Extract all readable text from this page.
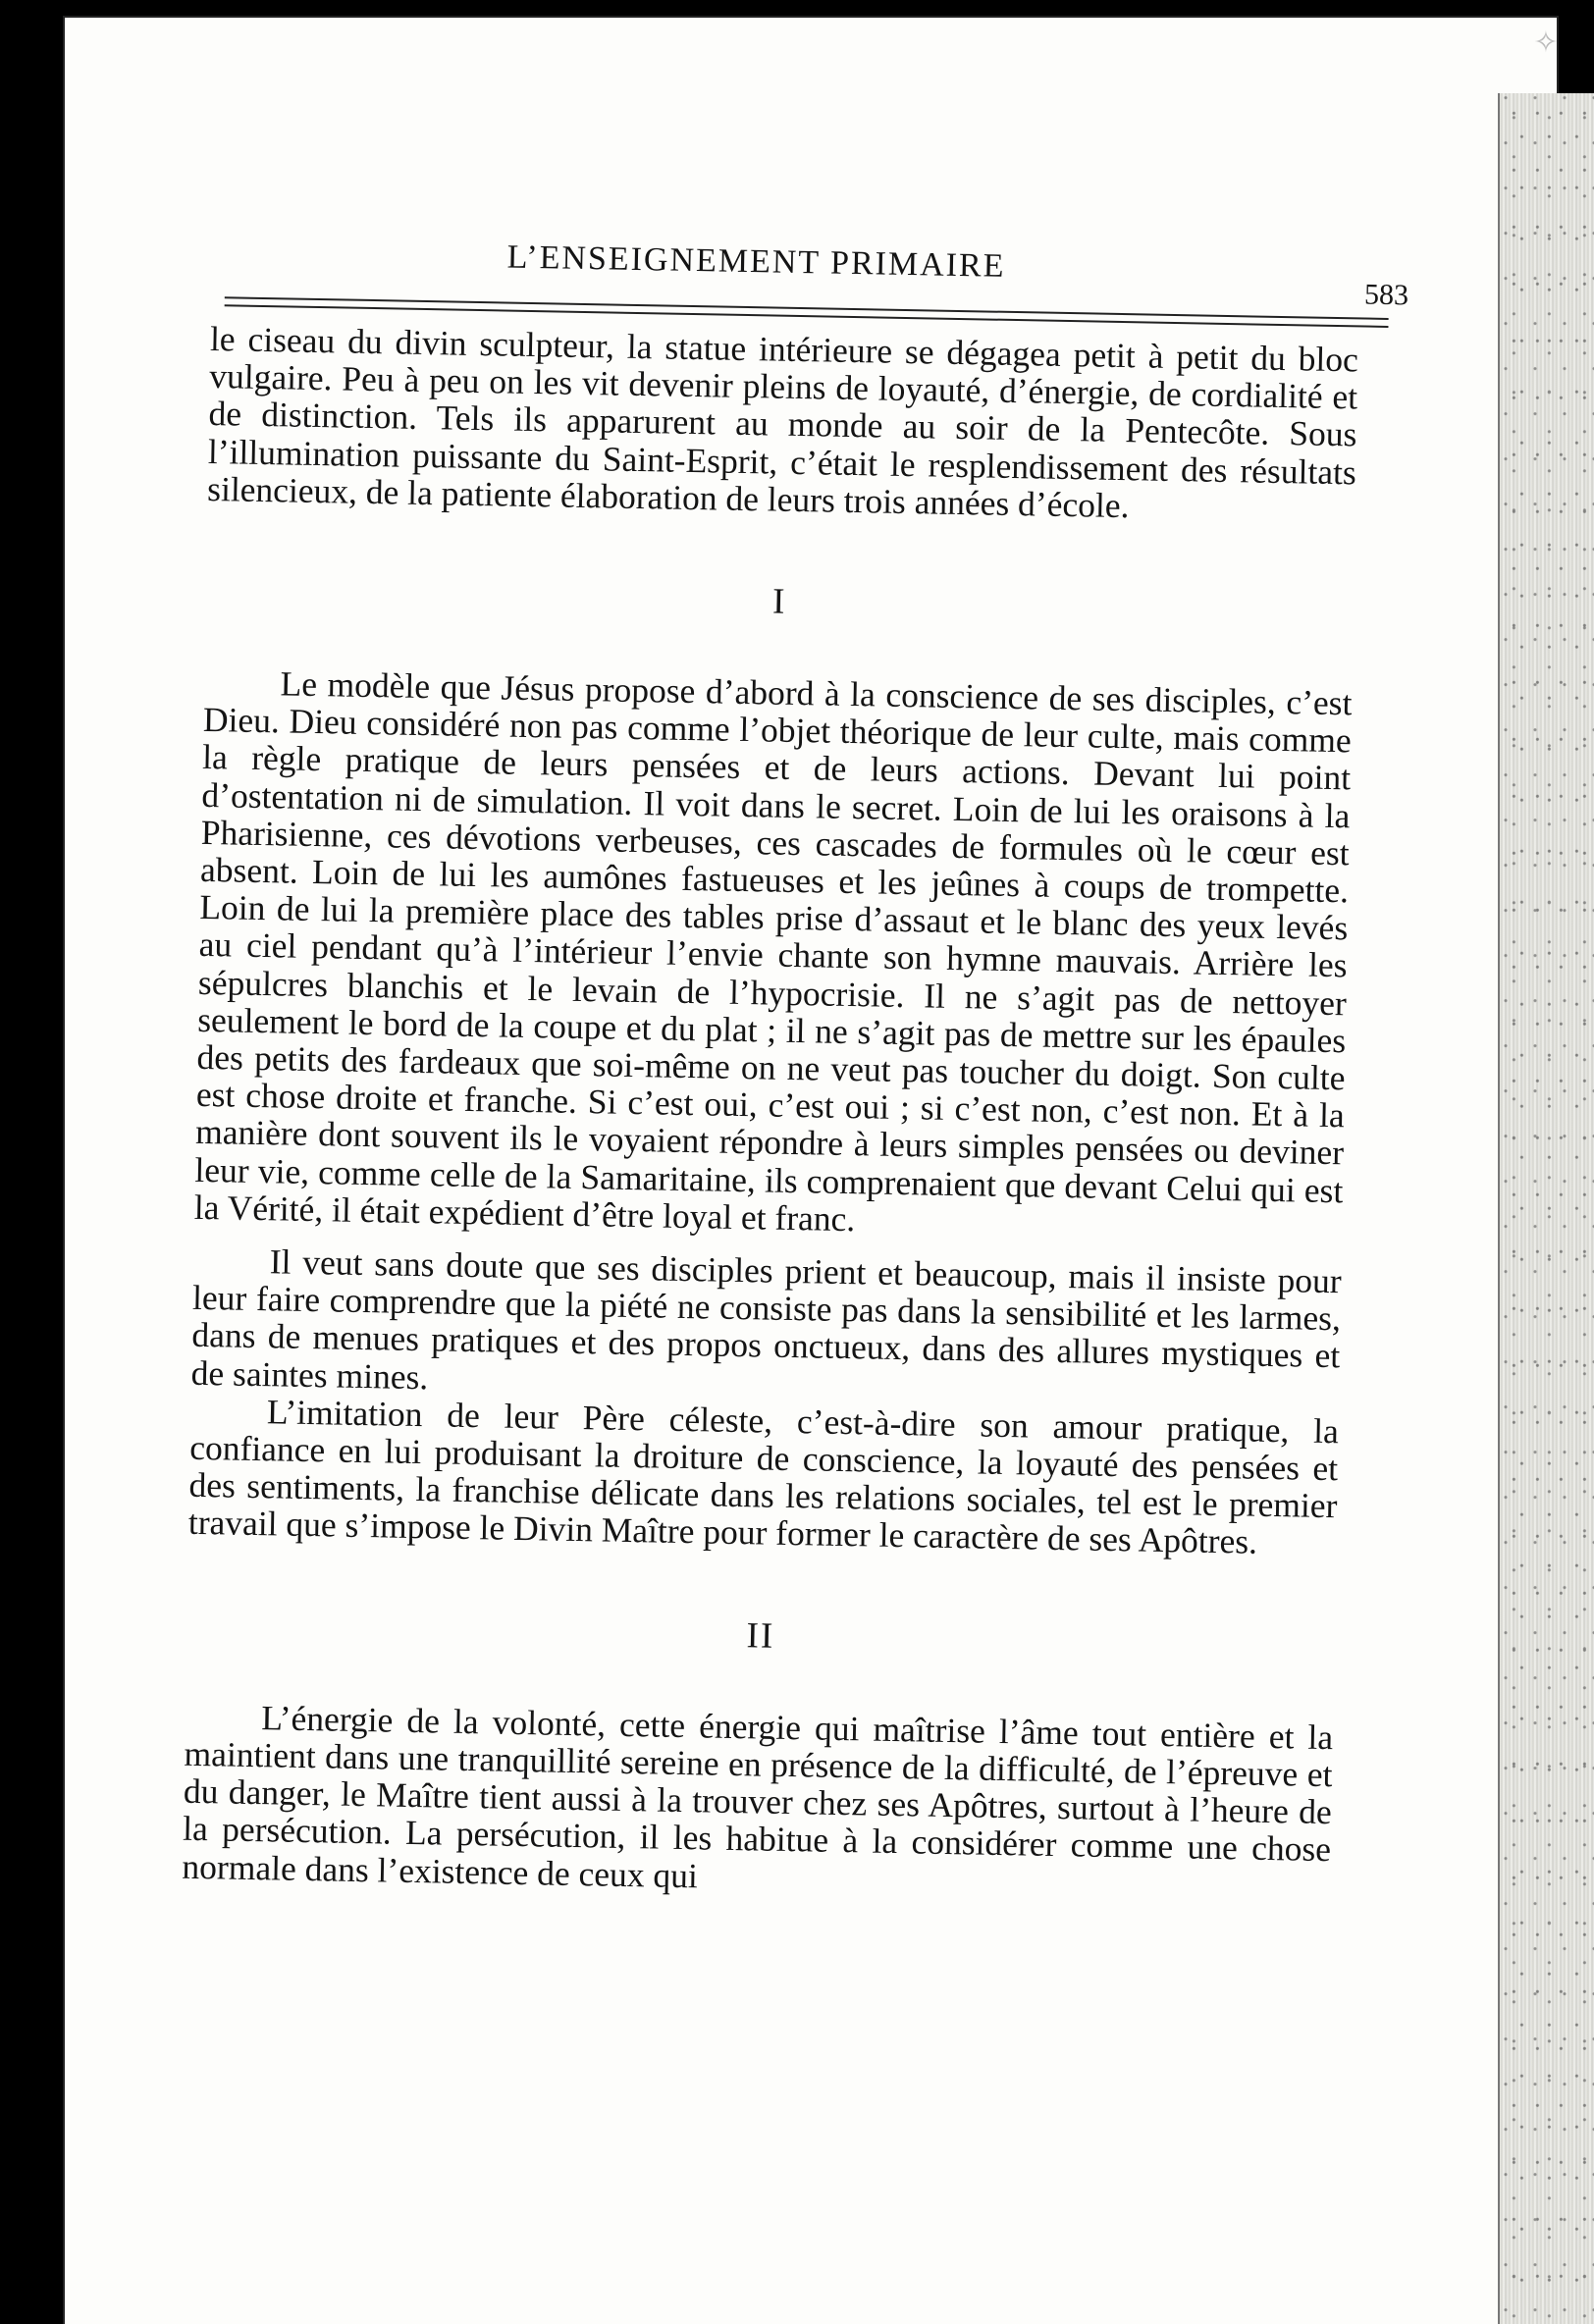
L’ENSEIGNEMENT PRIMAIRE
583

le ciseau du divin sculpteur, la statue intérieure se dégagea petit à petit du bloc vulgaire. Peu à peu on les vit devenir pleins de loyauté, d’énergie, de cordialité et de distinction. Tels ils apparurent au monde au soir de la Pentecôte. Sous l’illumination puissante du Saint-Esprit, c’était le resplendissement des résultats silencieux, de la patiente élaboration de leurs trois années d’école.

I

Le modèle que Jésus propose d’abord à la conscience de ses disciples, c’est Dieu. Dieu considéré non pas comme l’objet théorique de leur culte, mais comme la règle pratique de leurs pensées et de leurs actions. Devant lui point d’ostentation ni de simulation. Il voit dans le secret. Loin de lui les oraisons à la Pharisienne, ces dévotions verbeuses, ces cascades de formules où le cœur est absent. Loin de lui les aumônes fastueuses et les jeûnes à coups de trompette. Loin de lui la première place des tables prise d’assaut et le blanc des yeux levés au ciel pendant qu’à l’intérieur l’envie chante son hymne mauvais. Arrière les sépulcres blanchis et le levain de l’hypocrisie. Il ne s’agit pas de nettoyer seulement le bord de la coupe et du plat ; il ne s’agit pas de mettre sur les épaules des petits des fardeaux que soi-même on ne veut pas toucher du doigt. Son culte est chose droite et franche. Si c’est oui, c’est oui ; si c’est non, c’est non. Et à la manière dont souvent ils le voyaient répondre à leurs simples pensées ou deviner leur vie, comme celle de la Samaritaine, ils comprenaient que devant Celui qui est la Vérité, il était expédient d’être loyal et franc.

Il veut sans doute que ses disciples prient et beaucoup, mais il insiste pour leur faire comprendre que la piété ne consiste pas dans la sensibilité et les larmes, dans de menues pratiques et des propos onctueux, dans des allures mystiques et de saintes mines.

L’imitation de leur Père céleste, c’est-à-dire son amour pratique, la confiance en lui produisant la droiture de conscience, la loyauté des pensées et des sentiments, la franchise délicate dans les relations sociales, tel est le premier travail que s’impose le Divin Maître pour former le caractère de ses Apôtres.

II

L’énergie de la volonté, cette énergie qui maîtrise l’âme tout entière et la maintient dans une tranquillité sereine en présence de la difficulté, de l’épreuve et du danger, le Maître tient aussi à la trouver chez ses Apôtres, surtout à l’heure de la persécution. La persécution, il les habitue à la considérer comme une chose normale dans l’existence de ceux qui

✧
